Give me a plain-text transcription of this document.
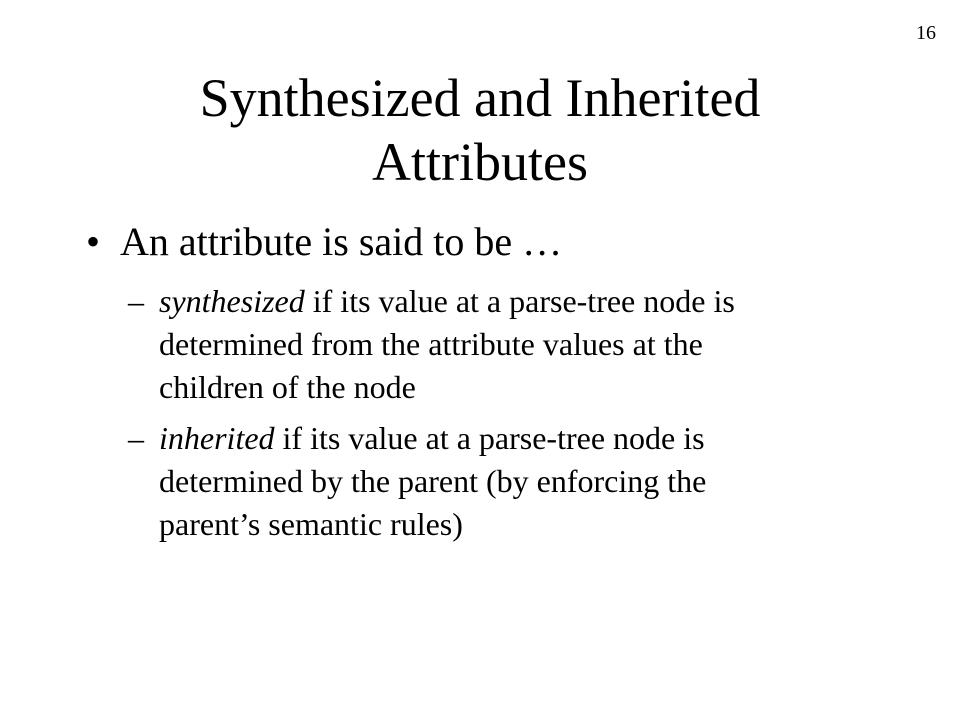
16
Synthesized and Inherited
Attributes
• An attribute is said to be …
– synthesized if its value at a parse-tree node is
determined from the attribute values at the
children of the node
– inherited if its value at a parse-tree node is
determined by the parent (by enforcing the
parent’s semantic rules)
